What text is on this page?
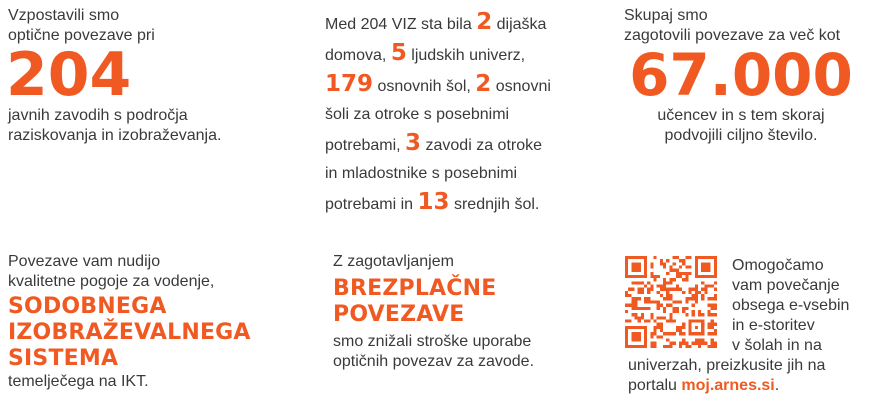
Vzpostavili smo
optične povezave pri
204
javnih zavodih s področja
raziskovanja in izobraževanja.
Med 204 VIZ sta bila 2 dijaška
domova, 5 ljudskih univerz,
179 osnovnih šol, 2 osnovni
šoli za otroke s posebnimi
potrebami, 3 zavodi za otroke
in mladostnike s posebnimi
potrebami in 13 srednjih šol.
Skupaj smo
zagotovili povezave za več kot
67.000
učencev in s tem skoraj
podvojili ciljno število.
Povezave vam nudijo
kvalitetne pogoje za vodenje,
SODOBNEGA
IZOBRAŽEVALNEGA
SISTEMA
temelječega na IKT.
Z zagotavljanjem
BREZPLAČNE
POVEZAVE
smo znižali stroške uporabe
optičnih povezav za zavode.
Omogočamo
vam povečanje
obsega e-vsebin
in e-storitev
v šolah in na
univerzah, preizkusite jih na
portalu moj.arnes.si.
